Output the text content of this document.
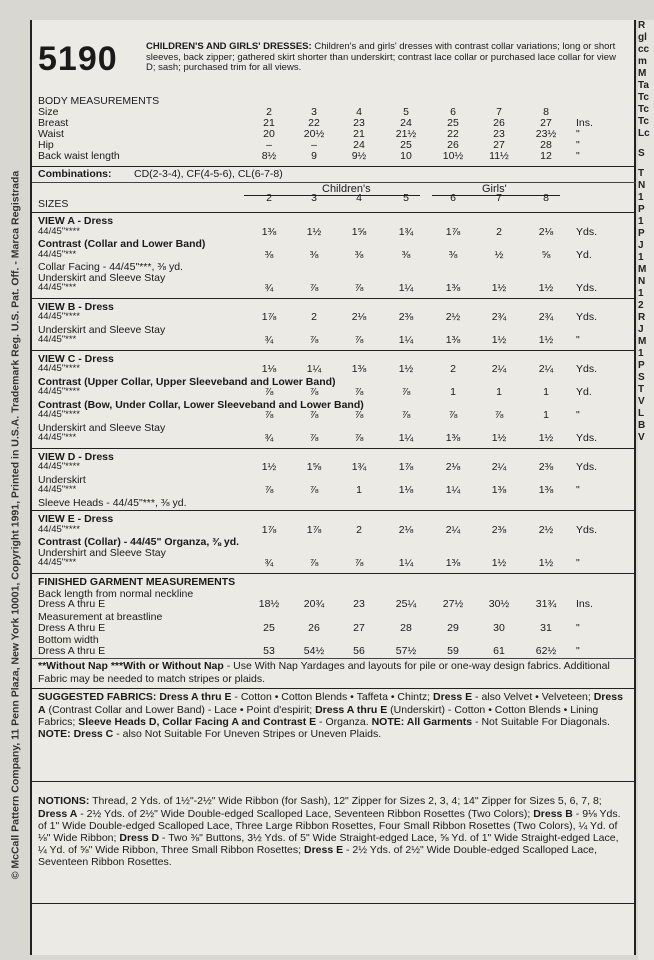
© McCall Pattern Company, 11 Penn Plaza, New York 10001, Copyright 1991, Printed in U.S.A. Trademark Reg. U.S. Pat. Off. - Marca Registrada
R
gl
cc
m
M
Ta
Tc
Tc
Tc
Lc
S
T
N
1
P
1
P
J
1
M
N
1
2
R
J
M
1
P
S
T
V
L
B
V
5190	CHILDREN'S AND GIRLS' DRESSES: Children's and girls' dresses with contrast collar variations; long or short sleeves, back zipper; gathered skirt shorter than underskirt; contrast lace collar or purchased lace collar for view D; sash; purchased trim for all views.
BODY MEASUREMENTS
Size	2	3	4	5	6	7	8
Breast	21	22	23	24	25	26	27	Ins.
Waist	20	20½	21	21½	22	23	23½	"
Hip	–	–	24	25	26	27	28	"
Back waist length	8½	9	9½	10	10½	11½	12	"
Combinations: CD(2-3-4), CF(4-5-6), CL(6-7-8)
Children's	Girls'
SIZES	2	3	4	5	6	7	8
VIEW A - Dress
44/45"****	1⅜	1½	1⅝	1¾	1⅞	2	2⅛	Yds.
Contrast (Collar and Lower Band)
44/45"***	⅜	⅜	⅜	⅜	⅜	½	⅝	Yd.
Collar Facing - 44/45"***, ⅜ yd.
Underskirt and Sleeve Stay
44/45"***	¾	⅞	⅞	1¼	1⅜	1½	1½	Yds.
VIEW B - Dress
44/45"****	1⅞	2	2⅛	2⅜	2½	2¾	2¾	Yds.
Underskirt and Sleeve Stay
44/45"***	¾	⅞	⅞	1¼	1⅜	1½	1½	"
VIEW C - Dress
44/45"****	1⅛	1¼	1⅜	1½	2	2¼	2¼	Yds.
Contrast (Upper Collar, Upper Sleeveband and Lower Band)
44/45"****	⅞	⅞	⅞	⅞	1	1	1	Yd.
Contrast (Bow, Under Collar, Lower Sleeveband and Lower Band)
44/45"****	⅞	⅞	⅞	⅞	⅞	⅞	1	"
Underskirt and Sleeve Stay
44/45"***	¾	⅞	⅞	1¼	1⅜	1½	1½	Yds.
VIEW D - Dress
44/45"****	1½	1⅝	1¾	1⅞	2⅛	2¼	2⅜	Yds.
Underskirt
44/45"***	⅞	⅞	1	1⅛	1¼	1⅜	1⅜	"
Sleeve Heads - 44/45"***, ⅜ yd.
VIEW E - Dress
44/45"****	1⅞	1⅞	2	2⅛	2¼	2⅜	2½	Yds.
Contrast (Collar) - 44/45" Organza, ⅜ yd.
Undershirt and Sleeve Stay
44/45"***	¾	⅞	⅞	1¼	1⅜	1½	1½	"
FINISHED GARMENT MEASUREMENTS
Back length from normal neckline
Dress A thru E	18½	20¾	23	25¼	27½	30½	31¾	Ins.
Measurement at breastline
Dress A thru E	25	26	27	28	29	30	31	"
Bottom width
Dress A thru E	53	54½	56	57½	59	61	62½	"
**Without Nap ***With or Without Nap - Use With Nap Yardages and layouts for pile or one-way design fabrics. Additional Fabric may be needed to match stripes or plaids.
SUGGESTED FABRICS: Dress A thru E - Cotton • Cotton Blends • Taffeta • Chintz; Dress E - also Velvet • Velveteen; Dress A (Contrast Collar and Lower Band) - Lace • Point d'espirit; Dress A thru E (Underskirt) - Cotton • Cotton Blends • Lining Fabrics; Sleeve Heads D, Collar Facing A and Contrast E - Organza. NOTE: All Garments - Not Suitable For Diagonals. NOTE: Dress C - also Not Suitable For Uneven Stripes or Uneven Plaids.
NOTIONS: Thread, 2 Yds. of 1½"-2½" Wide Ribbon (for Sash), 12" Zipper for Sizes 2, 3, 4; 14" Zipper for Sizes 5, 6, 7, 8; Dress A - 2½ Yds. of 2½" Wide Double-edged Scalloped Lace, Seventeen Ribbon Rosettes (Two Colors); Dress B - 9⅛ Yds. of 1" Wide Double-edged Scalloped Lace, Three Large Ribbon Rosettes, Four Small Ribbon Rosettes (Two Colors), ¼ Yd. of ⅛" Wide Ribbon; Dress D - Two ⅜" Buttons, 3½ Yds. of 5" Wide Straight-edged Lace, ⅝ Yd. of 1" Wide Straight-edged Lace, ¼ Yd. of ⅝" Wide Ribbon, Three Small Ribbon Rosettes; Dress E - 2½ Yds. of 2½" Wide Double-edged Scalloped Lace, Seventeen Ribbon Rosettes.
